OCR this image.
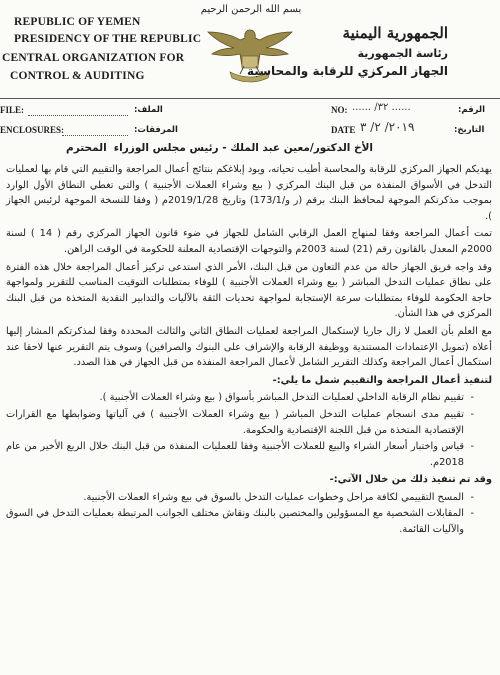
بسم الله الرحمن الرحيم
REPUBLIC OF YEMEN
PRESIDENCY OF THE REPUBLIC
CENTRAL ORGANIZATION FOR
CONTROL & AUDITING
الجمهورية اليمنية
رئاسة الجمهورية
الجهاز المركزي للرقابة والمحاسبة
FILE:	الملف:	NO: ...... /٣٢ ......	الرقم:
ENCLOSURES:	المرفقات:	DATE ٢٠١٩/ ٢/ ٣	التاريخ:
الأخ الدكتور/معين عبد الملك - رئيس مجلس الوزراء
المحترم

يهديكم الجهاز المركزي للرقابة والمحاسبة أطيب تحياته، ويود إبلاغكم بنتائج أعمال المراجعة والتقييم التي قام بها لعمليات التدخل في الأسواق المنفذة من قبل البنك المركزي ( بيع وشراء العملات الأجنبية ) والتي تغطي النطاق الأول الوارد بموجب مذكرتكم الموجهة لمحافظ البنك برقم (ر و/173/1) وتاريخ 2019/1/28م ( وفقا للنسخة الموجهة لرئيس الجهاز ).

تمت أعمال المراجعة وفقا لمنهاج العمل الرقابي الشامل للجهاز في ضوء قانون الجهاز المركزي رقم ( 14 ) لسنة 2000م المعدل بالقانون رقم (21) لسنة 2003م والتوجهات الإقتصادية المعلنة للحكومة في الوقت الراهن.

وقد واجه فريق الجهاز حالة من عدم التعاون من قبل البنك، الأمر الذي استدعى تركيز أعمال المراجعة خلال هذه الفترة على نطاق عمليات التدخل المباشر ( بيع وشراء العملات الأجنبية ) للوفاء بمتطلبات التوقيت المناسب للتقرير ولمواجهة حاجة الحكومة للوفاء بمتطلبات سرعة الإستجابة لمواجهة تحديات الثقة بالآليات والتدابير النقدية المتخذة من قبل البنك المركزي في هذا الشأن.

مع العلم بأن العمل لا زال جاريا لإستكمال المراجعة لعمليات النطاق الثاني والثالث المحددة وفقا لمذكرتكم المشار إليها أعلاه (تمويل الإعتمادات المستندية ووظيفة الرقابة والإشراف على البنوك والصرافين) وسوف يتم التقرير عنها لاحقا عند استكمال أعمال المراجعة وكذلك التقرير الشامل لأعمال المراجعة المنفذة من قبل الجهاز في هذا الصدد.

لتنفيذ أعمال المراجعة والتقييم شمل ما يلي:-

- تقييم نظام الرقابة الداخلي لعمليات التدخل المباشر بأسواق ( بيع وشراء العملات الأجنبية ).
- تقييم مدى انسجام عمليات التدخل المباشر ( بيع وشراء العملات الأجنبية ) في آلياتها وضوابطها مع القرارات الإقتصادية المتخذة من قبل اللجنة الإقتصادية والحكومة.
- قياس واختبار أسعار الشراء والبيع للعملات الأجنبية وفقا للعمليات المنفذة من قبل البنك خلال الربع الأخير من عام 2018م.

وقد تم تنفيذ ذلك من خلال الآتي:-

- المسح التقييمي لكافة مراحل وخطوات عمليات التدخل بالسوق في بيع وشراء العملات الأجنبية.
- المقابلات الشخصية مع المسؤولين والمختصين بالبنك ونقاش مختلف الجوانب المرتبطة بعمليات التدخل في السوق والآليات القائمة.
